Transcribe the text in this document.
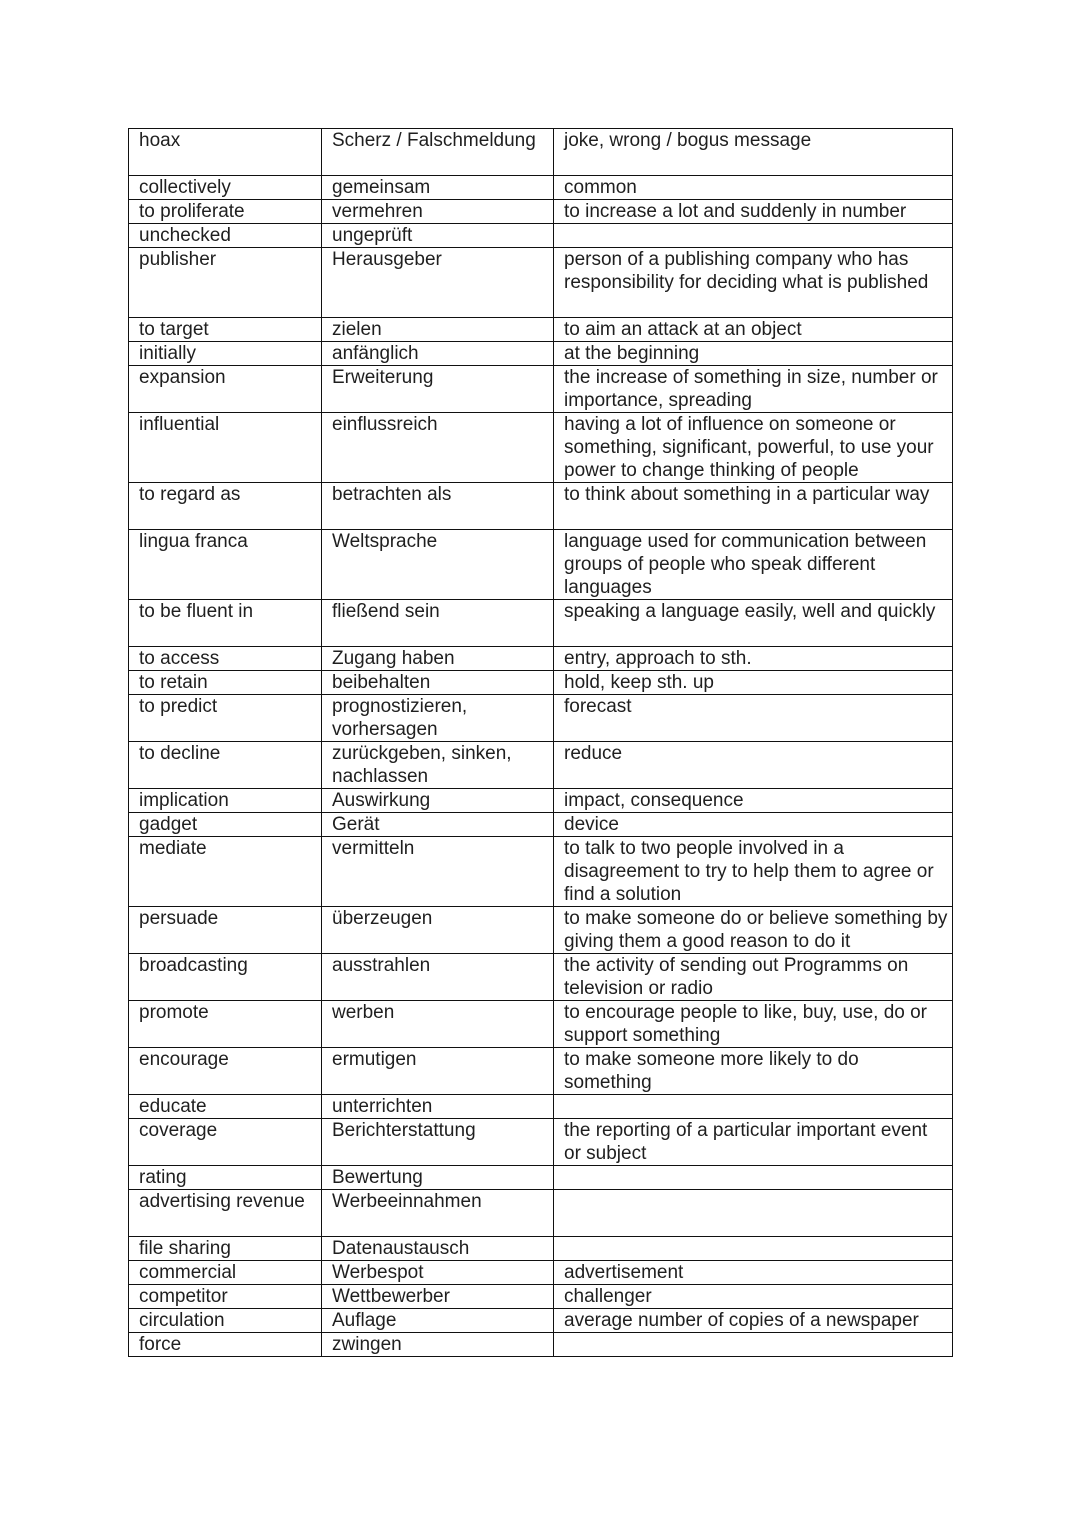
hoax	Scherz / Falschmeldung	joke, wrong / bogus message
collectively	gemeinsam	common
to proliferate	vermehren	to increase a lot and suddenly in number
unchecked	ungeprüft	
publisher	Herausgeber	person of a publishing company who has responsibility for deciding what is published
to target	zielen	to aim an attack at an object
initially	anfänglich	at the beginning
expansion	Erweiterung	the increase of something in size, number or importance, spreading
influential	einflussreich	having a lot of influence on someone or something, significant, powerful, to use your power to change thinking of people
to regard as	betrachten als	to think about something in a particular way
lingua franca	Weltsprache	language used for communication between groups of people who speak different languages
to be fluent in	fließend sein	speaking a language easily, well and quickly
to access	Zugang haben	entry, approach to sth.
to retain	beibehalten	hold, keep sth. up
to predict	prognostizieren, vorhersagen	forecast
to decline	zurückgeben, sinken, nachlassen	reduce
implication	Auswirkung	impact, consequence
gadget	Gerät	device
mediate	vermitteln	to talk to two people involved in a disagreement to try to help them to agree or find a solution
persuade	überzeugen	to make someone do or believe something by giving them a good reason to do it
broadcasting	ausstrahlen	the activity of sending out Programms on television or radio
promote	werben	to encourage people to like, buy, use, do or support something
encourage	ermutigen	to make someone more likely to do something
educate	unterrichten	
coverage	Berichterstattung	the reporting of a particular important event or subject
rating	Bewertung	
advertising revenue	Werbeeinnahmen	
file sharing	Datenaustausch	
commercial	Werbespot	advertisement
competitor	Wettbewerber	challenger
circulation	Auflage	average number of copies of a newspaper
force	zwingen	
